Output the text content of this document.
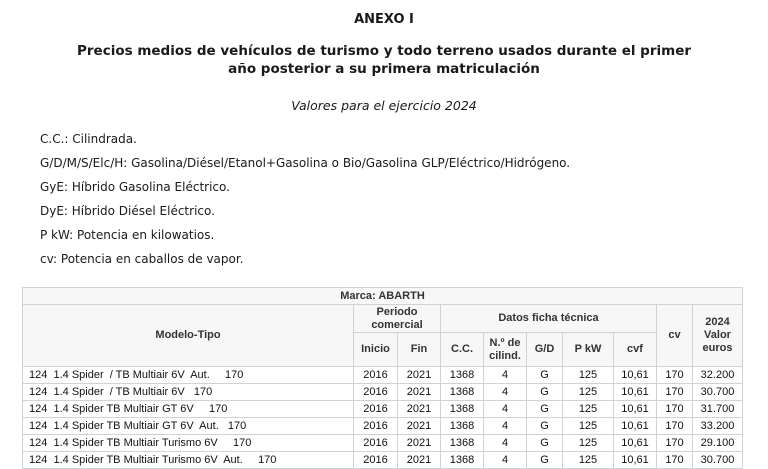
ANEXO I
Precios medios de vehículos de turismo y todo terreno usados durante el primer
año posterior a su primera matriculación
Valores para el ejercicio 2024

C.C.: Cilindrada.

G/D/M/S/Elc/H: Gasolina/Diésel/Etanol+Gasolina o Bio/Gasolina GLP/Eléctrico/Hidrógeno.

GyE: Híbrido Gasolina Eléctrico.

DyE: Híbrido Diésel Eléctrico.

P kW: Potencia en kilowatios.

cv: Potencia en caballos de vapor.

Marca: ABARTH									
Modelo-Tipo	Periodo comercial		Datos ficha técnica					cv	2024 Valor euros
	Inicio	Fin	C.C.	N.º de cilind.	G/D	P kW	cvf		
124  1.4 Spider  / TB Multiair 6V  Aut.     170	2016	2021	1368	4	G	125	10,61	170	32.200
124  1.4 Spider  / TB Multiair 6V   170	2016	2021	1368	4	G	125	10,61	170	30.700
124  1.4 Spider TB Multiair GT 6V     170	2016	2021	1368	4	G	125	10,61	170	31.700
124  1.4 Spider TB Multiair GT 6V  Aut.   170	2016	2021	1368	4	G	125	10,61	170	33.200
124  1.4 Spider TB Multiair Turismo 6V     170	2016	2021	1368	4	G	125	10,61	170	29.100
124  1.4 Spider TB Multiair Turismo 6V  Aut.     170	2016	2021	1368	4	G	125	10,61	170	30.700
